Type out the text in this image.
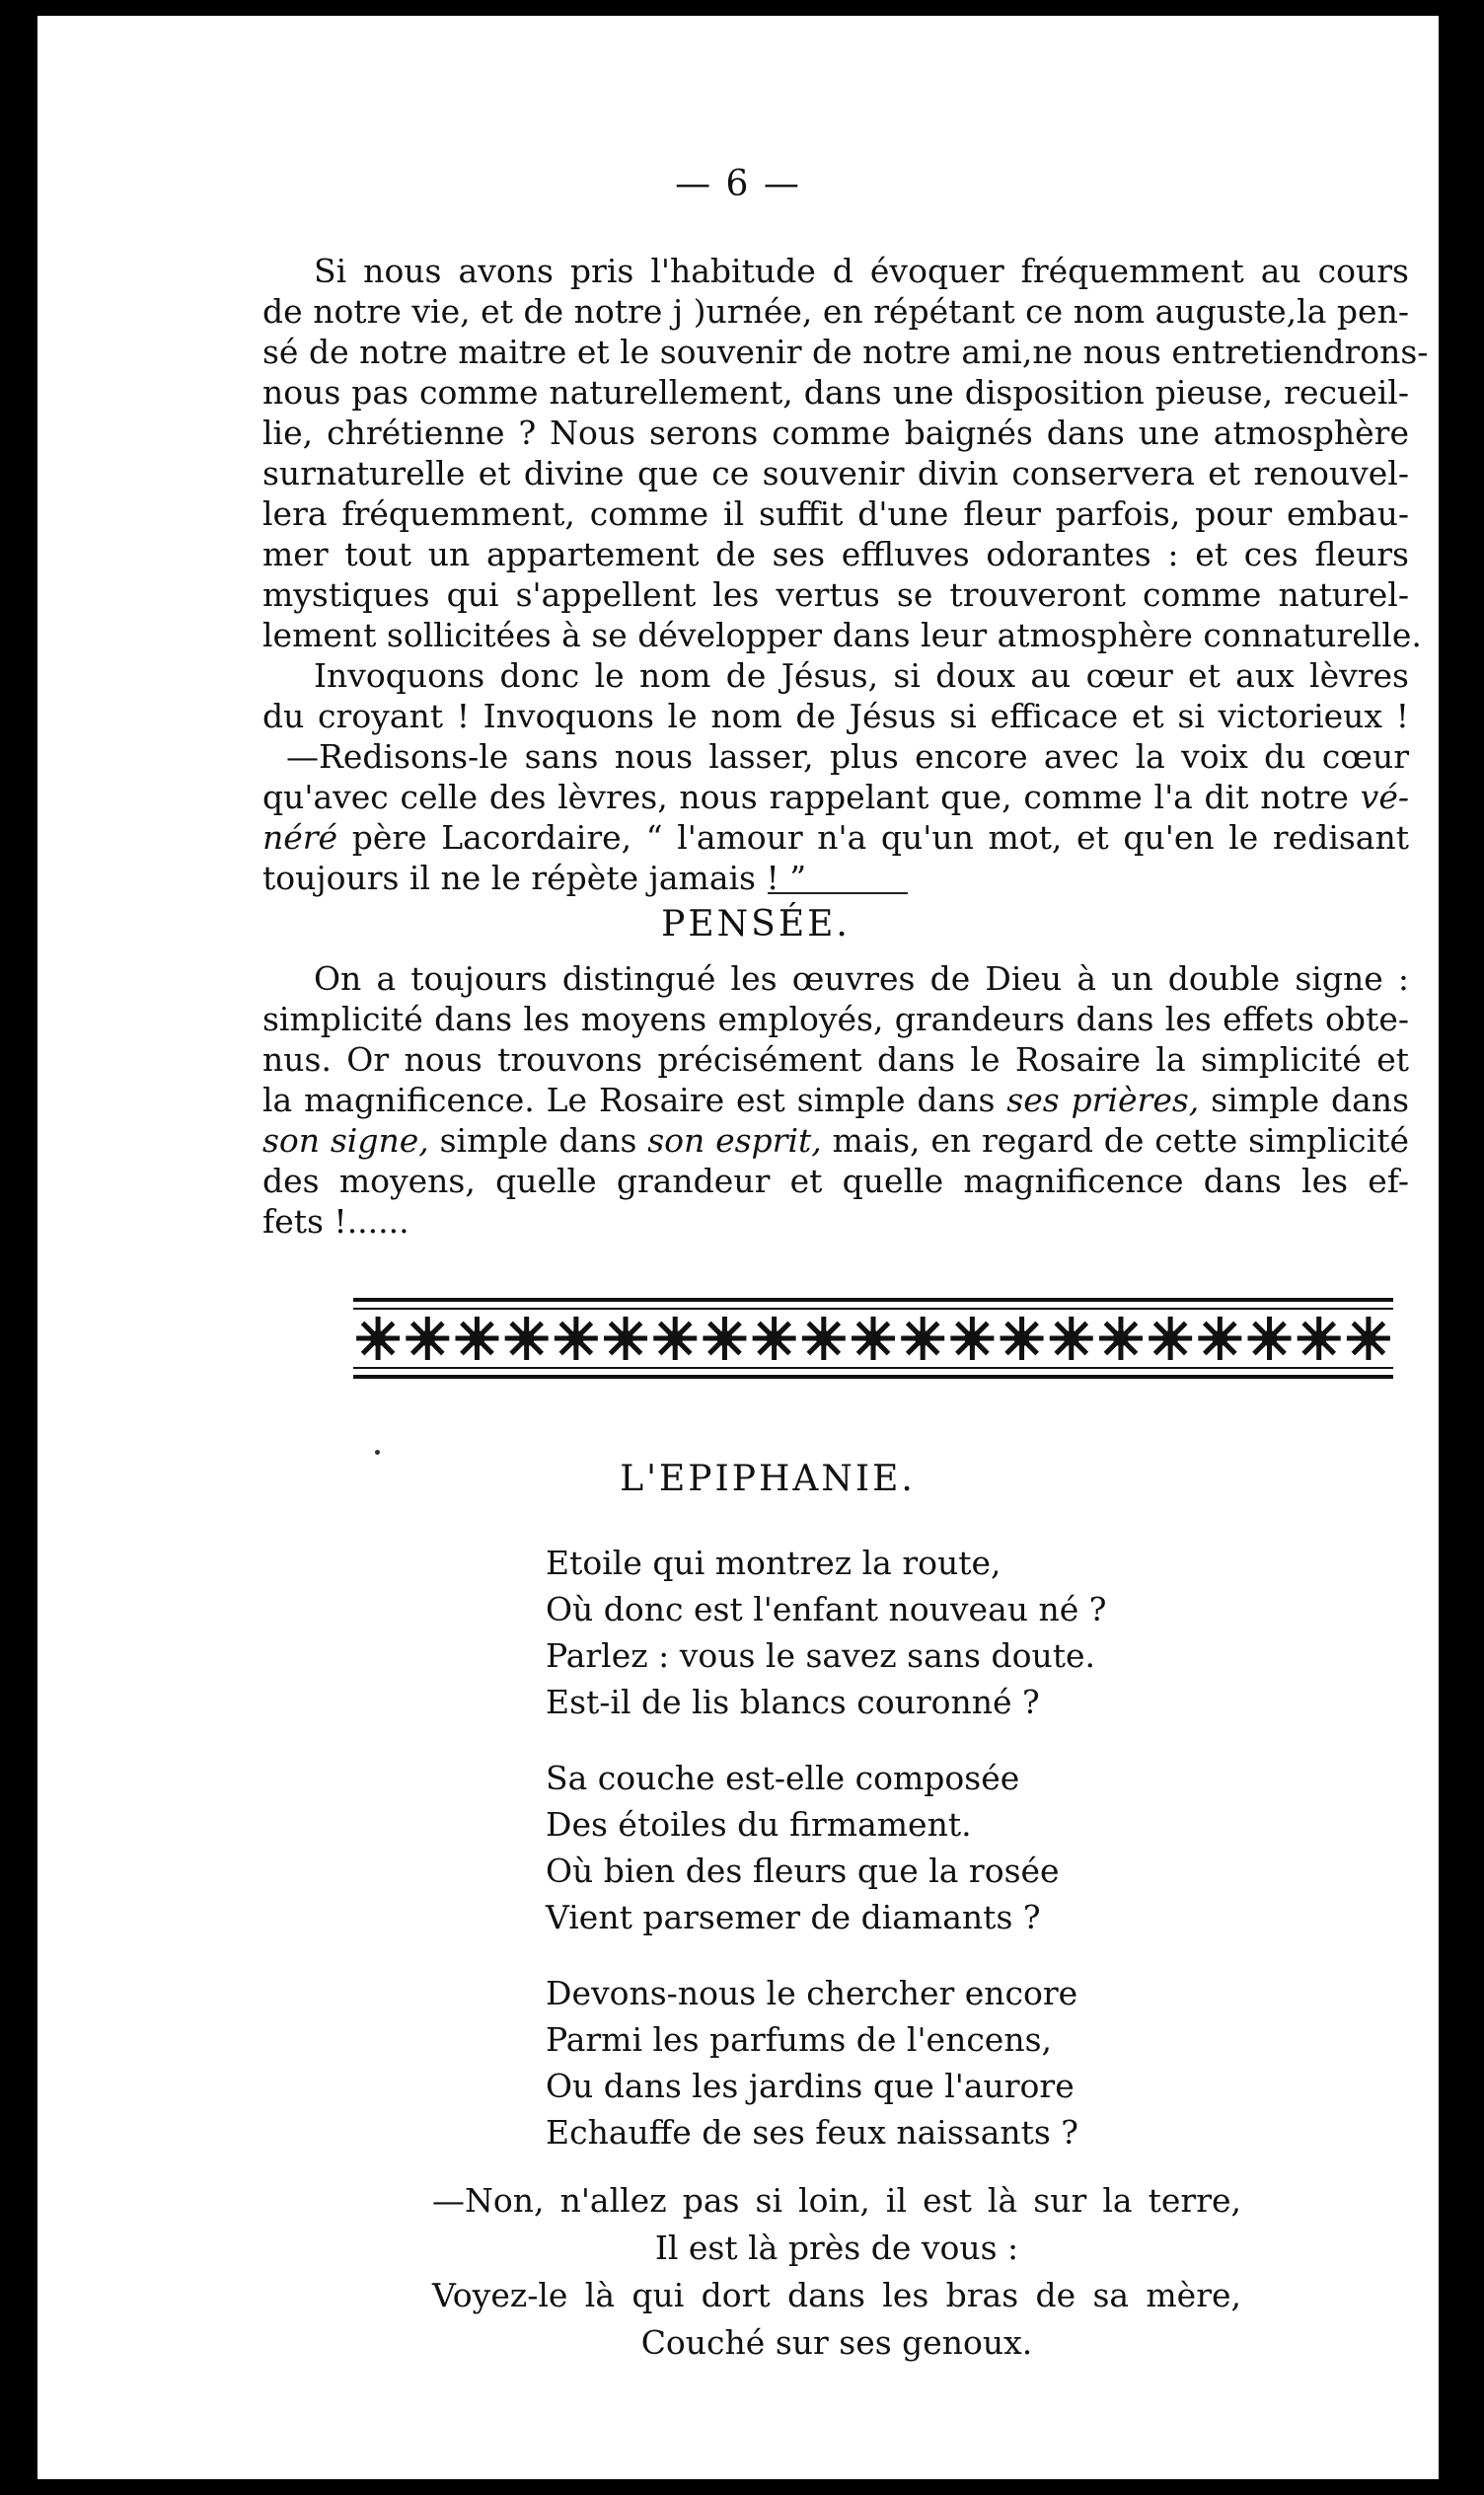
— 6 —

Si nous avons pris l'habitude d évoquer fréquemment au cours
de notre vie, et de notre j )urnée, en répétant ce nom auguste,la pen-
sé de notre maitre et le souvenir de notre ami,ne nous entretiendrons-
nous pas comme naturellement, dans une disposition pieuse, recueil-
lie, chrétienne ? Nous serons comme baignés dans une atmosphère
surnaturelle et divine que ce souvenir divin conservera et renouvel-
lera fréquemment, comme il suffit d'une fleur parfois, pour embau-
mer tout un appartement de ses effluves odorantes : et ces fleurs
mystiques qui s'appellent les vertus se trouveront comme naturel-
lement sollicitées à se développer dans leur atmosphère connaturelle.

Invoquons donc le nom de Jésus, si doux au cœur et aux lèvres
du croyant ! Invoquons le nom de Jésus si efficace et si victorieux !

—Redisons-le sans nous lasser, plus encore avec la voix du cœur
qu'avec celle des lèvres, nous rappelant que, comme l'a dit notre vé-
néré père Lacordaire, “ l'amour n'a qu'un mot, et qu'en le redisant
toujours il ne le répète jamais ! ”

PENSÉE.

On a toujours distingué les œuvres de Dieu à un double signe :
simplicité dans les moyens employés, grandeurs dans les effets obte-
nus. Or nous trouvons précisément dans le Rosaire la simplicité et
la magnificence. Le Rosaire est simple dans ses prières, simple dans
son signe, simple dans son esprit, mais, en regard de cette simplicité
des moyens, quelle grandeur et quelle magnificence dans les ef-
fets !......

L'EPIPHANIE.
Etoile qui montrez la route,
Où donc est l'enfant nouveau né ?
Parlez : vous le savez sans doute.
Est-il de lis blancs couronné ?
Sa couche est-elle composée
Des étoiles du firmament.
Où bien des fleurs que la rosée
Vient parsemer de diamants ?
Devons-nous le chercher encore
Parmi les parfums de l'encens,
Ou dans les jardins que l'aurore
Echauffe de ses feux naissants ?
—Non, n'allez pas si loin, il est là sur la terre,
Il est là près de vous :
Voyez-le là qui dort dans les bras de sa mère,
Couché sur ses genoux.
